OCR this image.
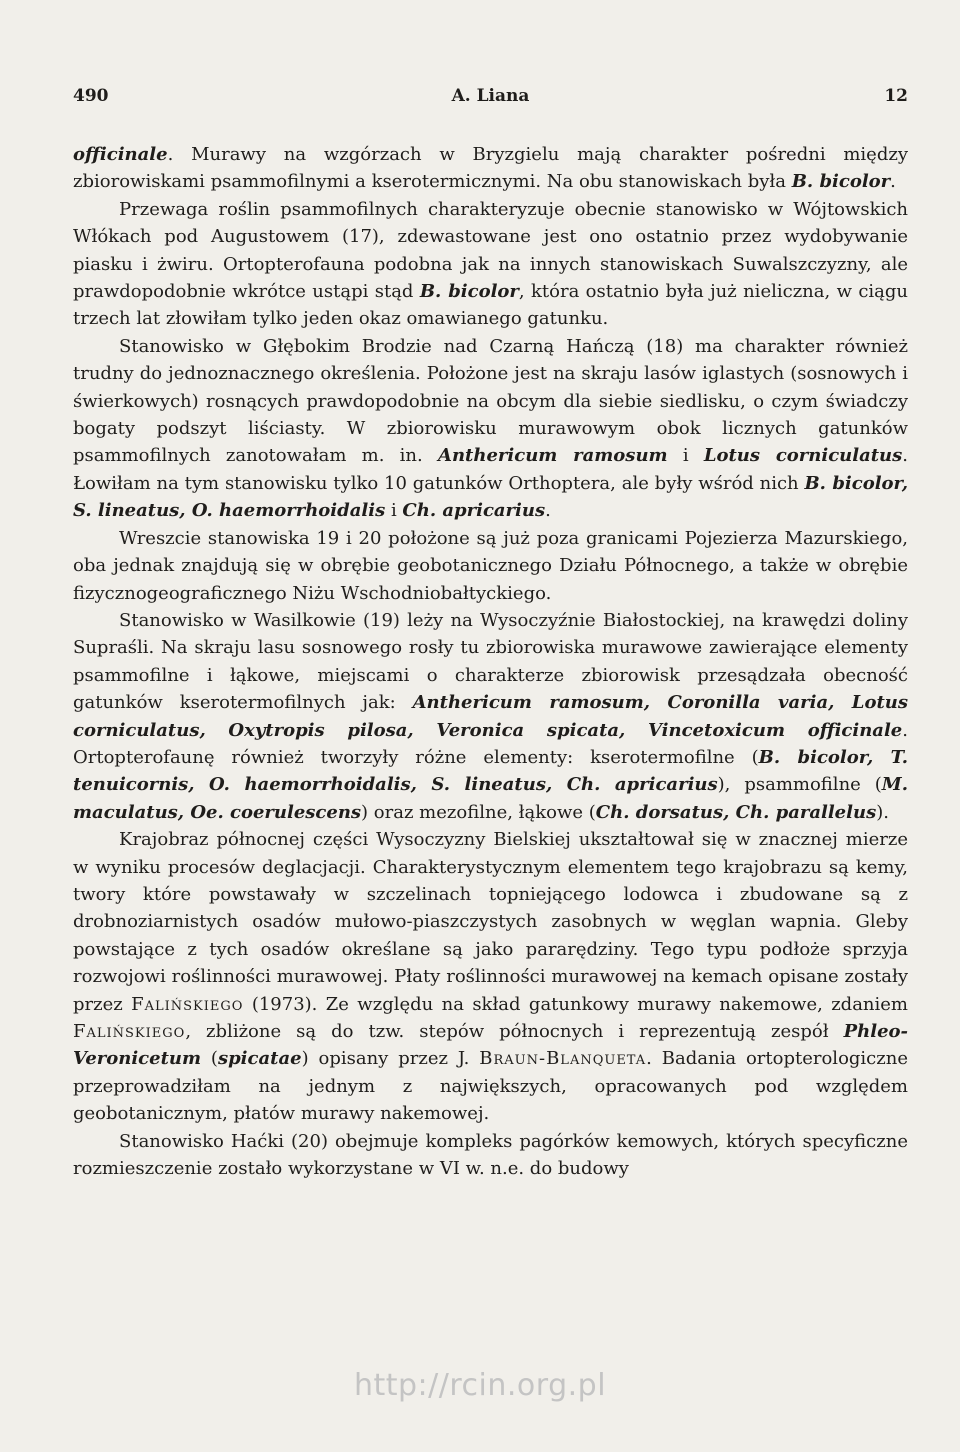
490	A. Liana	12

officinale. Murawy na wzgórzach w Bryzgielu mają charakter pośredni między zbiorowiskami psammofilnymi a kserotermicznymi. Na obu stanowiskach była B. bicolor.

Przewaga roślin psammofilnych charakteryzuje obecnie stanowisko w Wójtowskich Włókach pod Augustowem (17), zdewastowane jest ono ostatnio przez wydobywanie piasku i żwiru. Ortopterofauna podobna jak na innych stanowiskach Suwalszczyzny, ale prawdopodobnie wkrótce ustąpi stąd B. bicolor, która ostatnio była już nieliczna, w ciągu trzech lat złowiłam tylko jeden okaz omawianego gatunku.

Stanowisko w Głębokim Brodzie nad Czarną Hańczą (18) ma charakter również trudny do jednoznacznego określenia. Położone jest na skraju lasów iglastych (sosnowych i świerkowych) rosnących prawdopodobnie na obcym dla siebie siedlisku, o czym świadczy bogaty podszyt liściasty. W zbiorowisku murawowym obok licznych gatunków psammofilnych zanotowałam m. in. Anthericum ramosum i Lotus corniculatus. Łowiłam na tym stanowisku tylko 10 gatunków Orthoptera, ale były wśród nich B. bicolor, S. lineatus, O. haemorrhoidalis i Ch. apricarius.

Wreszcie stanowiska 19 i 20 położone są już poza granicami Pojezierza Mazurskiego, oba jednak znajdują się w obrębie geobotanicznego Działu Północnego, a także w obrębie fizycznogeograficznego Niżu Wschodniobałtyckiego.

Stanowisko w Wasilkowie (19) leży na Wysoczyźnie Białostockiej, na krawędzi doliny Supraśli. Na skraju lasu sosnowego rosły tu zbiorowiska murawowe zawierające elementy psammofilne i łąkowe, miejscami o charakterze zbiorowisk przesądzała obecność gatunków kserotermofilnych jak: Anthericum ramosum, Coronilla varia, Lotus corniculatus, Oxytropis pilosa, Veronica spicata, Vincetoxicum officinale. Ortopterofaunę również tworzyły różne elementy: kserotermofilne (B. bicolor, T. tenuicornis, O. haemorrhoidalis, S. lineatus, Ch. apricarius), psammofilne (M. maculatus, Oe. coerulescens) oraz mezofilne, łąkowe (Ch. dorsatus, Ch. parallelus).

Krajobraz północnej części Wysoczyzny Bielskiej ukształtował się w znacznej mierze w wyniku procesów deglacjacji. Charakterystycznym elementem tego krajobrazu są kemy, twory które powstawały w szczelinach topniejącego lodowca i zbudowane są z drobnoziarnistych osadów mułowo-piaszczystych zasobnych w węglan wapnia. Gleby powstające z tych osadów określane są jako pararędziny. Tego typu podłoże sprzyja rozwojowi roślinności murawowej. Płaty roślinności murawowej na kemach opisane zostały przez Falińskiego (1973). Ze względu na skład gatunkowy murawy nakemowe, zdaniem Falińskiego, zbliżone są do tzw. stepów północnych i reprezentują zespół Phleo-Veronicetum (spicatae) opisany przez J. Braun-Blanqueta. Badania ortopterologiczne przeprowadziłam na jednym z największych, opracowanych pod względem geobotanicznym, płatów murawy nakemowej.

Stanowisko Haćki (20) obejmuje kompleks pagórków kemowych, których specyficzne rozmieszczenie zostało wykorzystane w VI w. n.e. do budowy

http://rcin.org.pl
